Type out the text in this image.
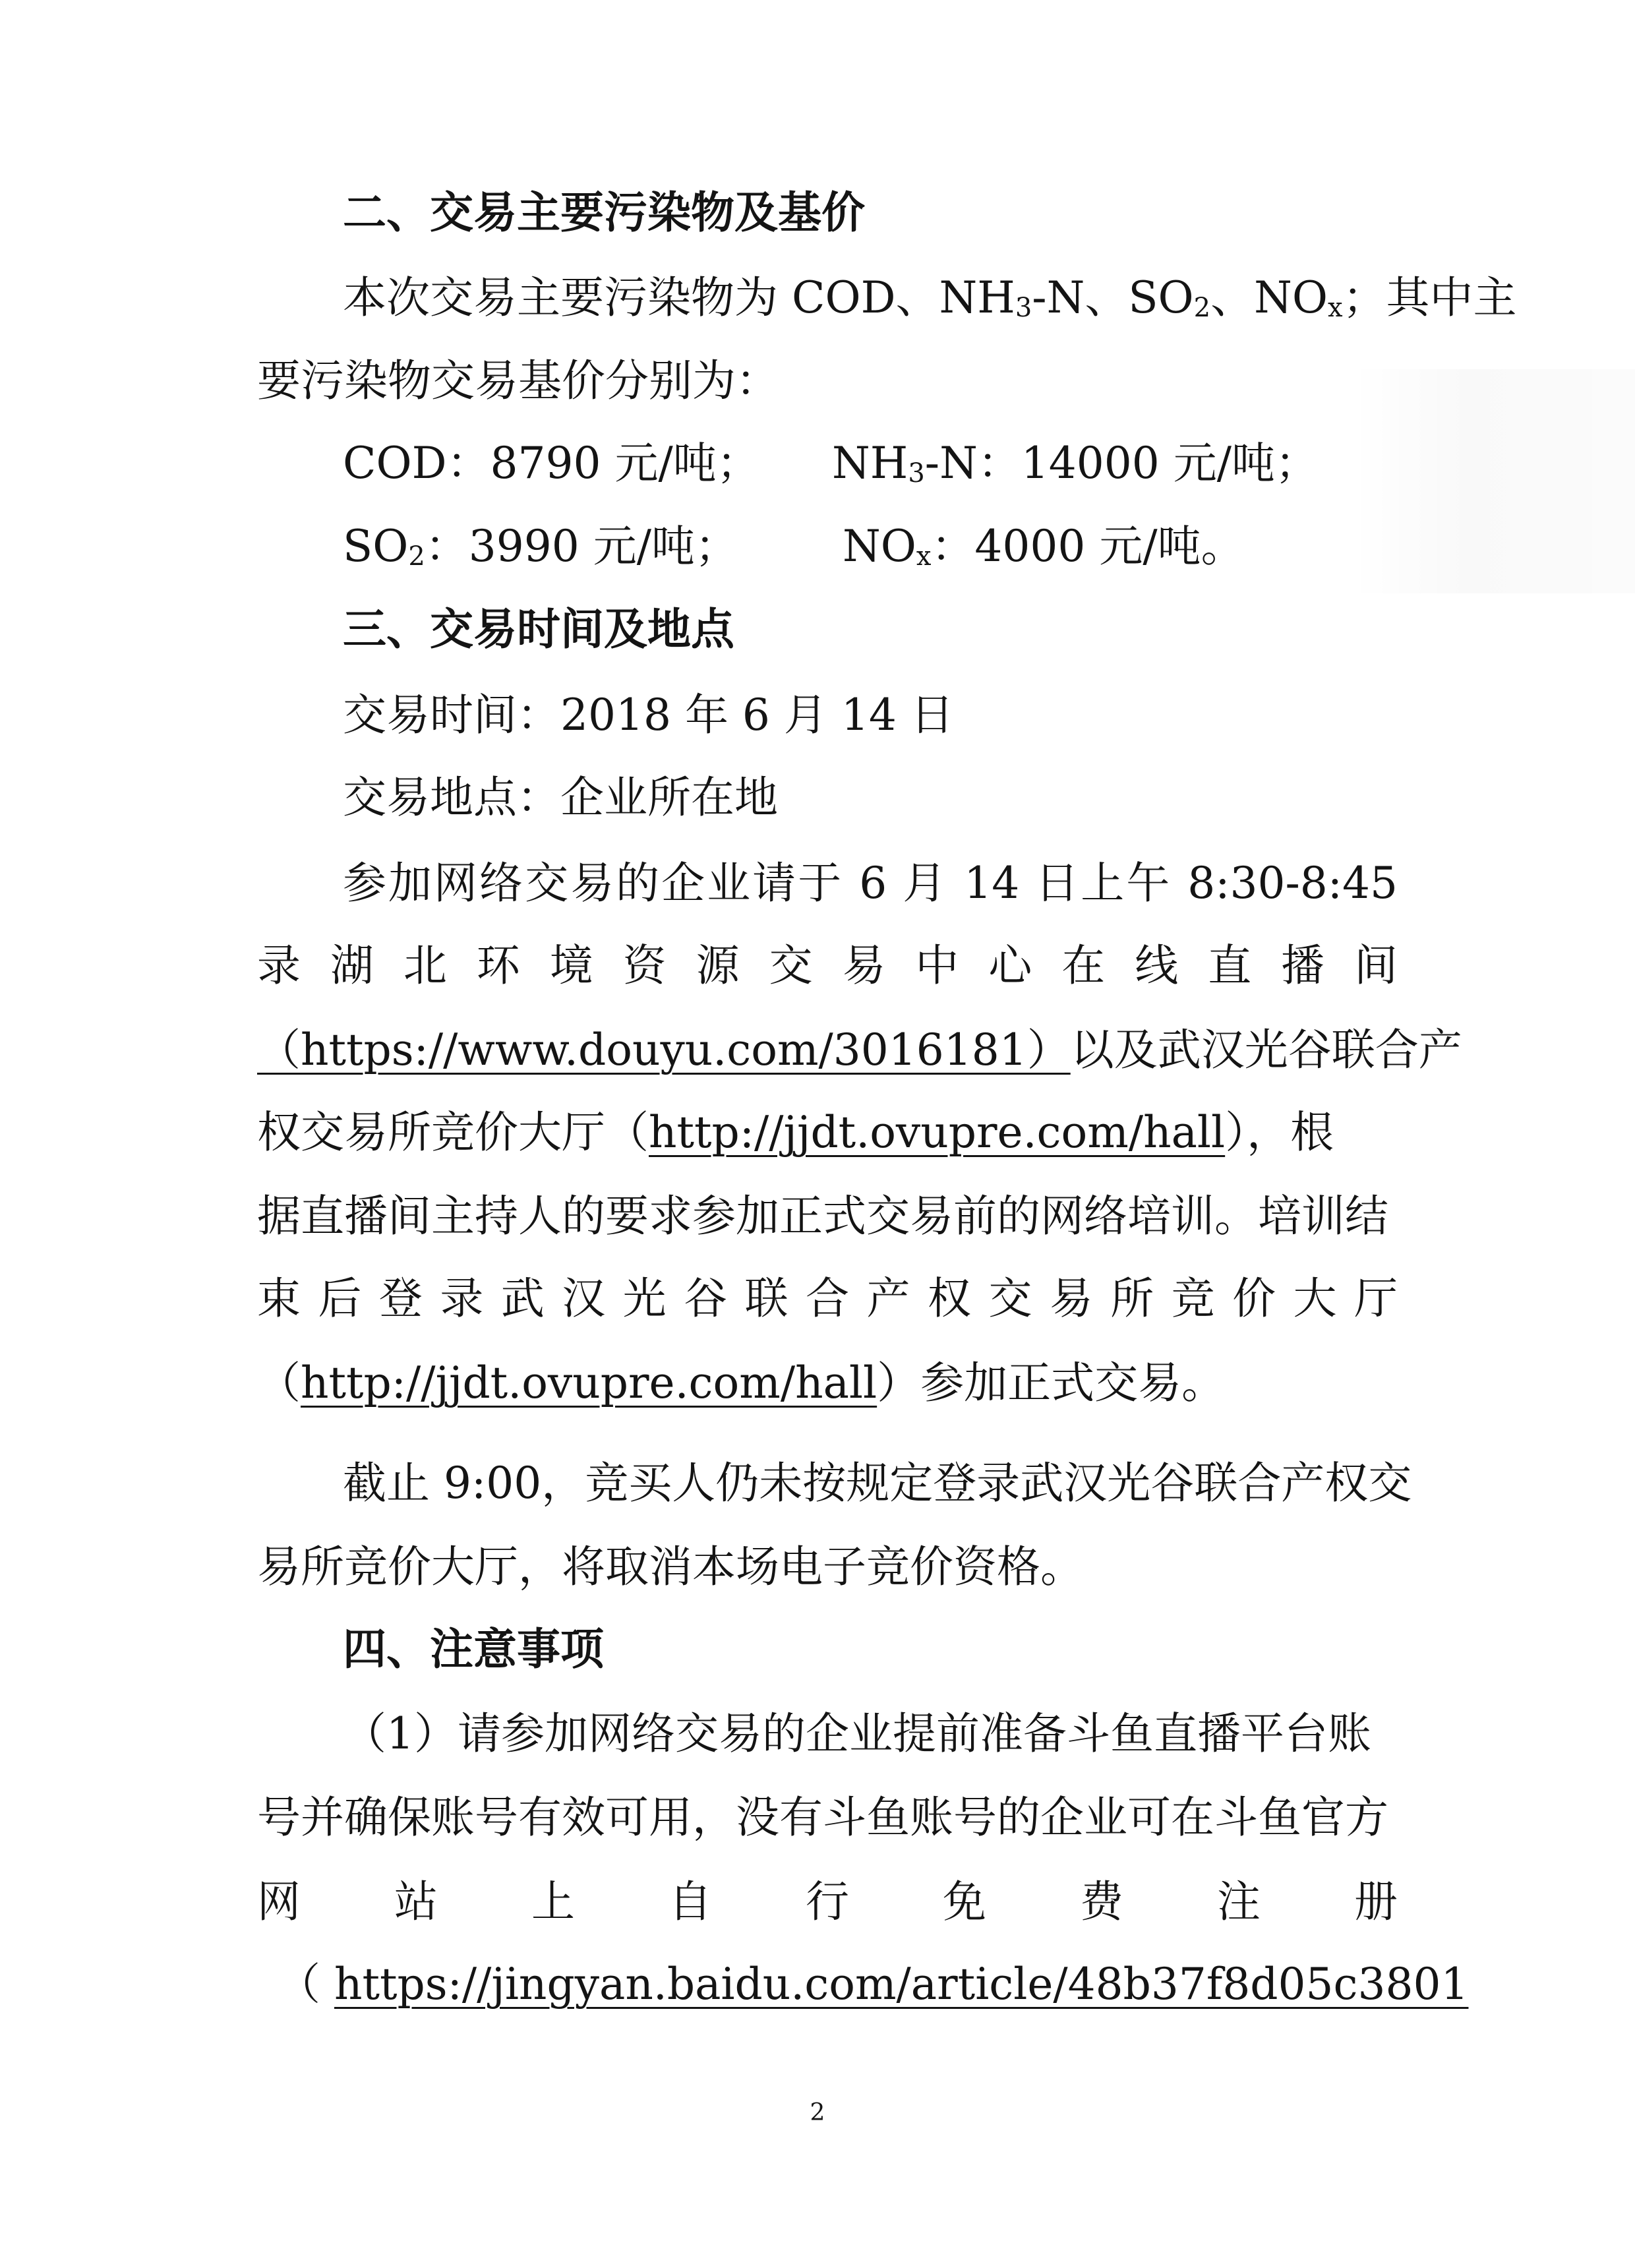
二、交易主要污染物及基价
本次交易主要污染物为 COD、$NH_3-N$、$SO_2$、$NO_x$；其中主
要污染物交易基价分别为：
COD：8790 元/吨； $NH_3-N$：14000 元/吨；
$SO_2$：3990 元/吨； $NO_x$：4000 元/吨。
三、交易时间及地点
交易时间：2018 年 6 月 14 日
交易地点：企业所在地
参加网络交易的企业请于 6 月 14 日上午 8:30-8:45
录 湖 北 环 境 资 源 交 易 中 心 在 线 直 播 间
（https://www.douyu.com/3016181）以及武汉光谷联合产
权交易所竞价大厅（http://jjdt.ovupre.com/hall），根
据直播间主持人的要求参加正式交易前的网络培训。培训结
束 后 登 录 武 汉 光 谷 联 合 产 权 交 易 所 竞 价 大 厅
（http://jjdt.ovupre.com/hall）参加正式交易。
截止 9:00，竞买人仍未按规定登录武汉光谷联合产权交
易所竞价大厅，将取消本场电子竞价资格。
四、注意事项
（1）请参加网络交易的企业提前准备斗鱼直播平台账
号并确保账号有效可用，没有斗鱼账号的企业可在斗鱼官方
网 站 上 自 行 免 费 注 册
（ https://jingyan.baidu.com/article/48b37f8d05c3801
2
